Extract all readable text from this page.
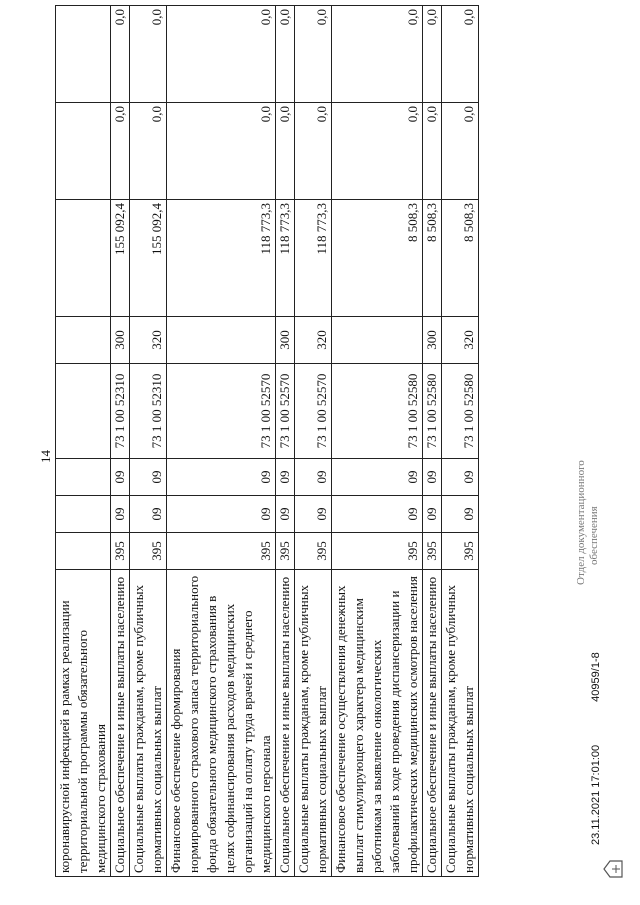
14
коронавирусной инфекцией в рамках реализации территориальной программы обязательного медицинского страхования								
Социальное обеспечение и иные выплаты населению	395	09	09	73 1 00 52310	300	155 092,4	0,0	0,0
Социальные выплаты гражданам, кроме публичных нормативных социальных выплат	395	09	09	73 1 00 52310	320	155 092,4	0,0	0,0
Финансовое обеспечение формирования нормированного страхового запаса территориального фонда обязательного медицинского страхования в целях софинансирования расходов медицинских организаций на оплату труда врачей и среднего медицинского персонала	395	09	09	73 1 00 52570		118 773,3	0,0	0,0
Социальное обеспечение и иные выплаты населению	395	09	09	73 1 00 52570	300	118 773,3	0,0	0,0
Социальные выплаты гражданам, кроме публичных нормативных социальных выплат	395	09	09	73 1 00 52570	320	118 773,3	0,0	0,0
Финансовое обеспечение осуществления денежных выплат стимулирующего характера медицинским работникам за выявление онкологических заболеваний в ходе проведения диспансеризации и профилактических медицинских осмотров населения	395	09	09	73 1 00 52580		8 508,3	0,0	0,0
Социальное обеспечение и иные выплаты населению	395	09	09	73 1 00 52580	300	8 508,3	0,0	0,0
Социальные выплаты гражданам, кроме публичных нормативных социальных выплат	395	09	09	73 1 00 52580	320	8 508,3	0,0	0,0
Отдел документационного обеспечения
23.11.2021 17:01:00 40959/1-8
